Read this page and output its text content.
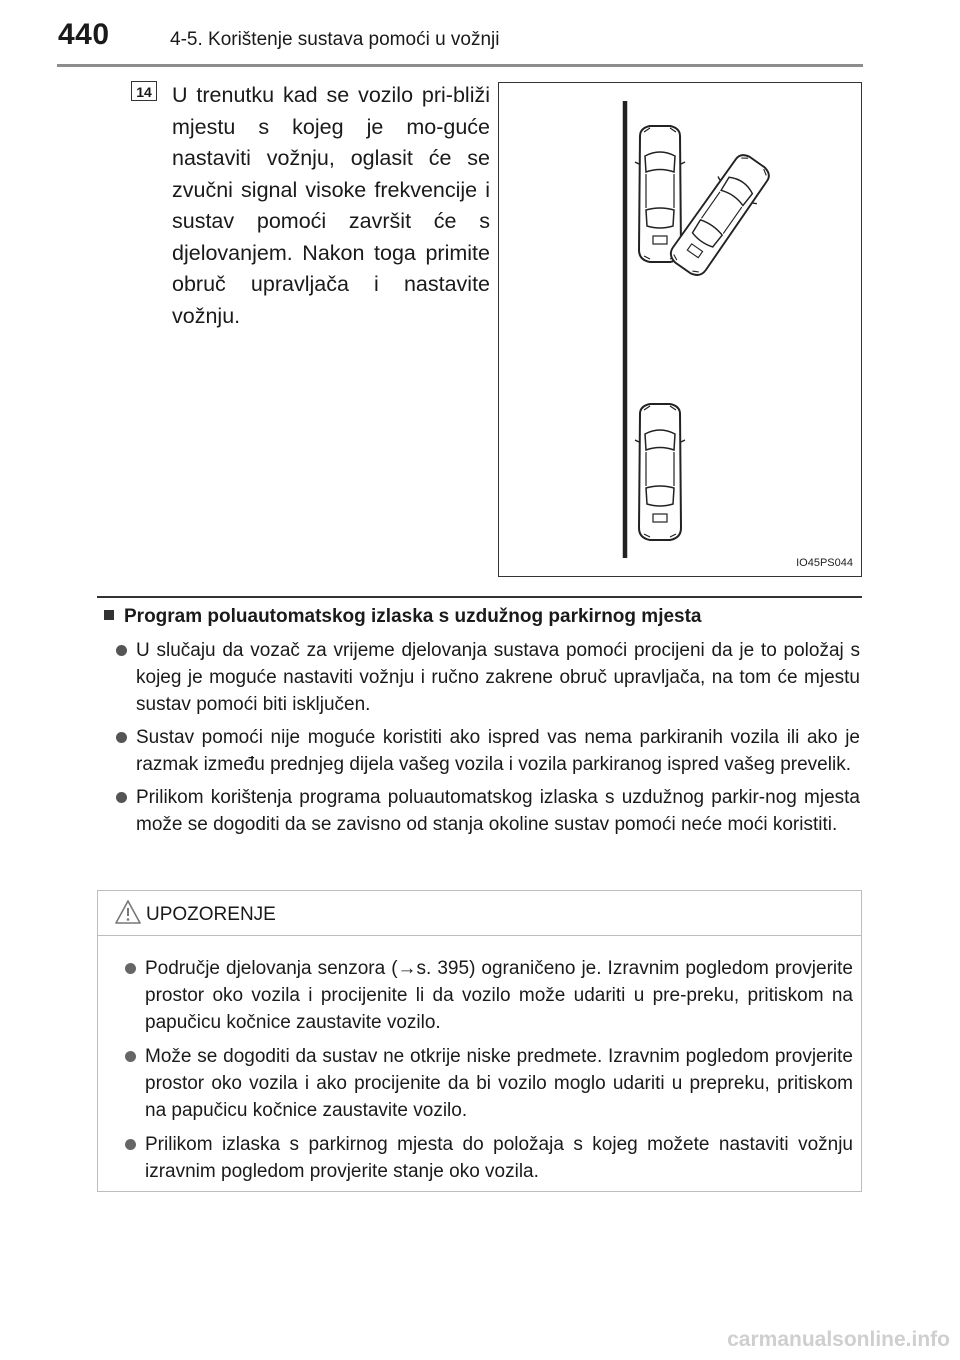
440	4-5. Korištenje sustava pomoći u vožnji
14 U trenutku kad se vozilo pri-bliži mjestu s kojeg je mo-guće nastaviti vožnju, oglasit će se zvučni signal visoke frekvencije i sustav pomoći završit će s djelovanjem. Nakon toga primite obruč upravljača i nastavite vožnju.
IO45PS044
Program poluautomatskog izlaska s uzdužnog parkirnog mjesta
U slučaju da vozač za vrijeme djelovanja sustava pomoći procijeni da je to položaj s kojeg je moguće nastaviti vožnju i ručno zakrene obruč upravljača, na tom će mjestu sustav pomoći biti isključen.
Sustav pomoći nije moguće koristiti ako ispred vas nema parkiranih vozila ili ako je razmak između prednjeg dijela vašeg vozila i vozila parkiranog ispred vašeg prevelik.
Prilikom korištenja programa poluautomatskog izlaska s uzdužnog parkir-nog mjesta može se dogoditi da se zavisno od stanja okoline sustav pomoći neće moći koristiti.
UPOZORENJE
Područje djelovanja senzora (→s. 395) ograničeno je. Izravnim pogledom provjerite prostor oko vozila i procijenite li da vozilo može udariti u pre-preku, pritiskom na papučicu kočnice zaustavite vozilo.
Može se dogoditi da sustav ne otkrije niske predmete. Izravnim pogledom provjerite prostor oko vozila i ako procijenite da bi vozilo moglo udariti u prepreku, pritiskom na papučicu kočnice zaustavite vozilo.
Prilikom izlaska s parkirnog mjesta do položaja s kojeg možete nastaviti vožnju izravnim pogledom provjerite stanje oko vozila.
carmanualsonline.info
